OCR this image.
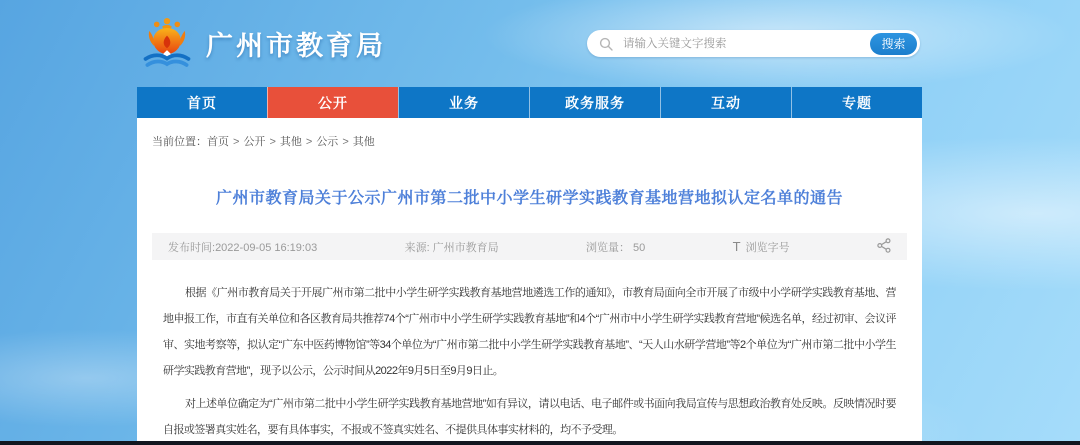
广州市教育局
请输入关键文字搜索	搜索
首页	公开	业务	政务服务	互动	专题
当前位置：首页 > 公开 > 其他 > 公示 > 其他
广州市教育局关于公示广州市第二批中小学生研学实践教育基地营地拟认定名单的通告
发布时间:2022-09-05 16:19:03	来源: 广州市教育局	浏览量： 50	T 浏览字号

根据《广州市教育局关于开展广州市第二批中小学生研学实践教育基地营地遴选工作的通知》，市教育局面向全市开展了市级中小学研学实践教育基地、营地申报工作，市直有关单位和各区教育局共推荐74个“广州市中小学生研学实践教育基地”和4个“广州市中小学生研学实践教育营地”候选名单，经过初审、会议评审、实地考察等，拟认定“广东中医药博物馆”等34个单位为“广州市第二批中小学生研学实践教育基地”、“天人山水研学营地”等2个单位为“广州市第二批中小学生研学实践教育营地”，现予以公示，公示时间从2022年9月5日至9月9日止。

对上述单位确定为“广州市第二批中小学生研学实践教育基地营地”如有异议，请以电话、电子邮件或书面向我局宣传与思想政治教育处反映。反映情况时要自报或签署真实姓名，要有具体事实，不报或不签真实姓名、不提供具体事实材料的，均不予受理。
